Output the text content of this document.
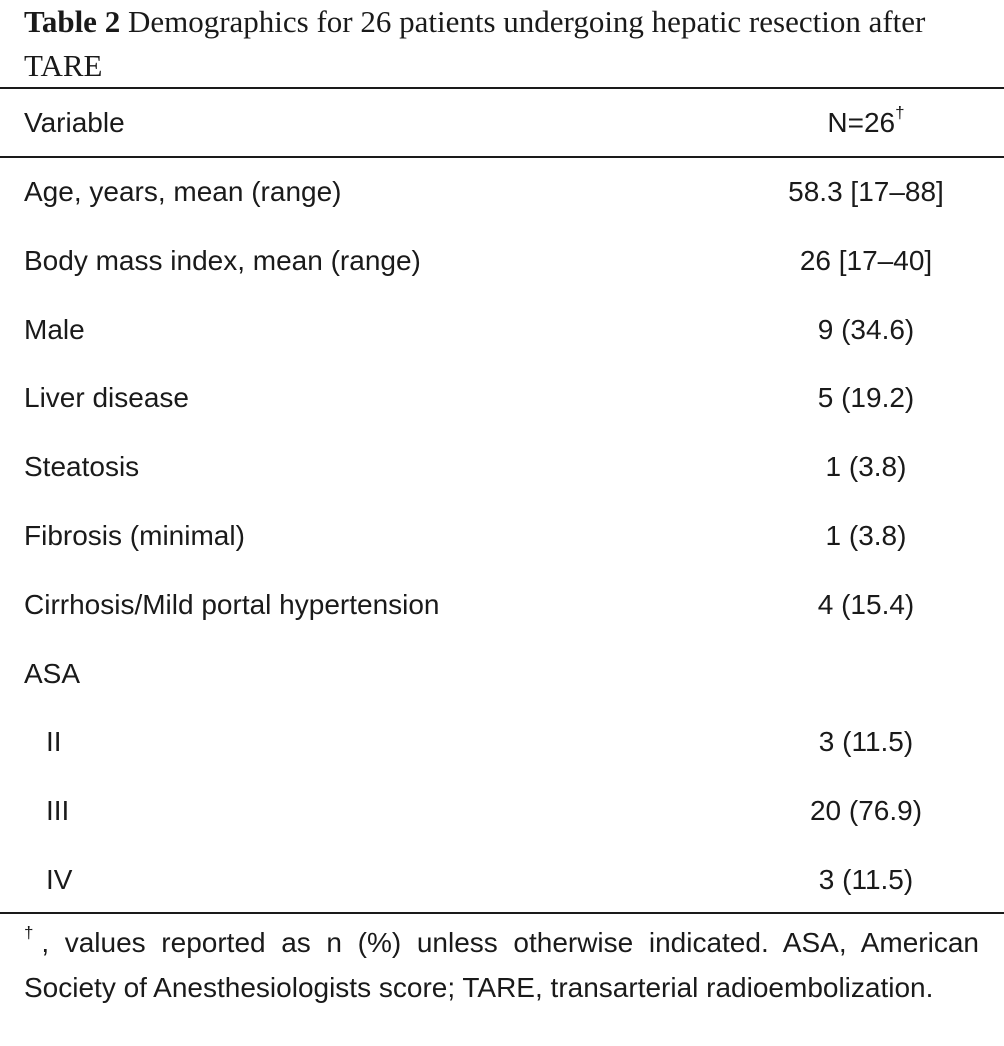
Table 2 Demographics for 26 patients undergoing hepatic resection after TARE
Variable	N=26†
Age, years, mean (range)	58.3 [17–88]
Body mass index, mean (range)	26 [17–40]
Male	9 (34.6)
Liver disease	5 (19.2)
Steatosis	1 (3.8)
Fibrosis (minimal)	1 (3.8)
Cirrhosis/Mild portal hypertension	4 (15.4)
ASA
II	3 (11.5)
III	20 (76.9)
IV	3 (11.5)
†, values reported as n (%) unless otherwise indicated. ASA, American Society of Anesthesiologists score; TARE, transarterial radioembolization.
